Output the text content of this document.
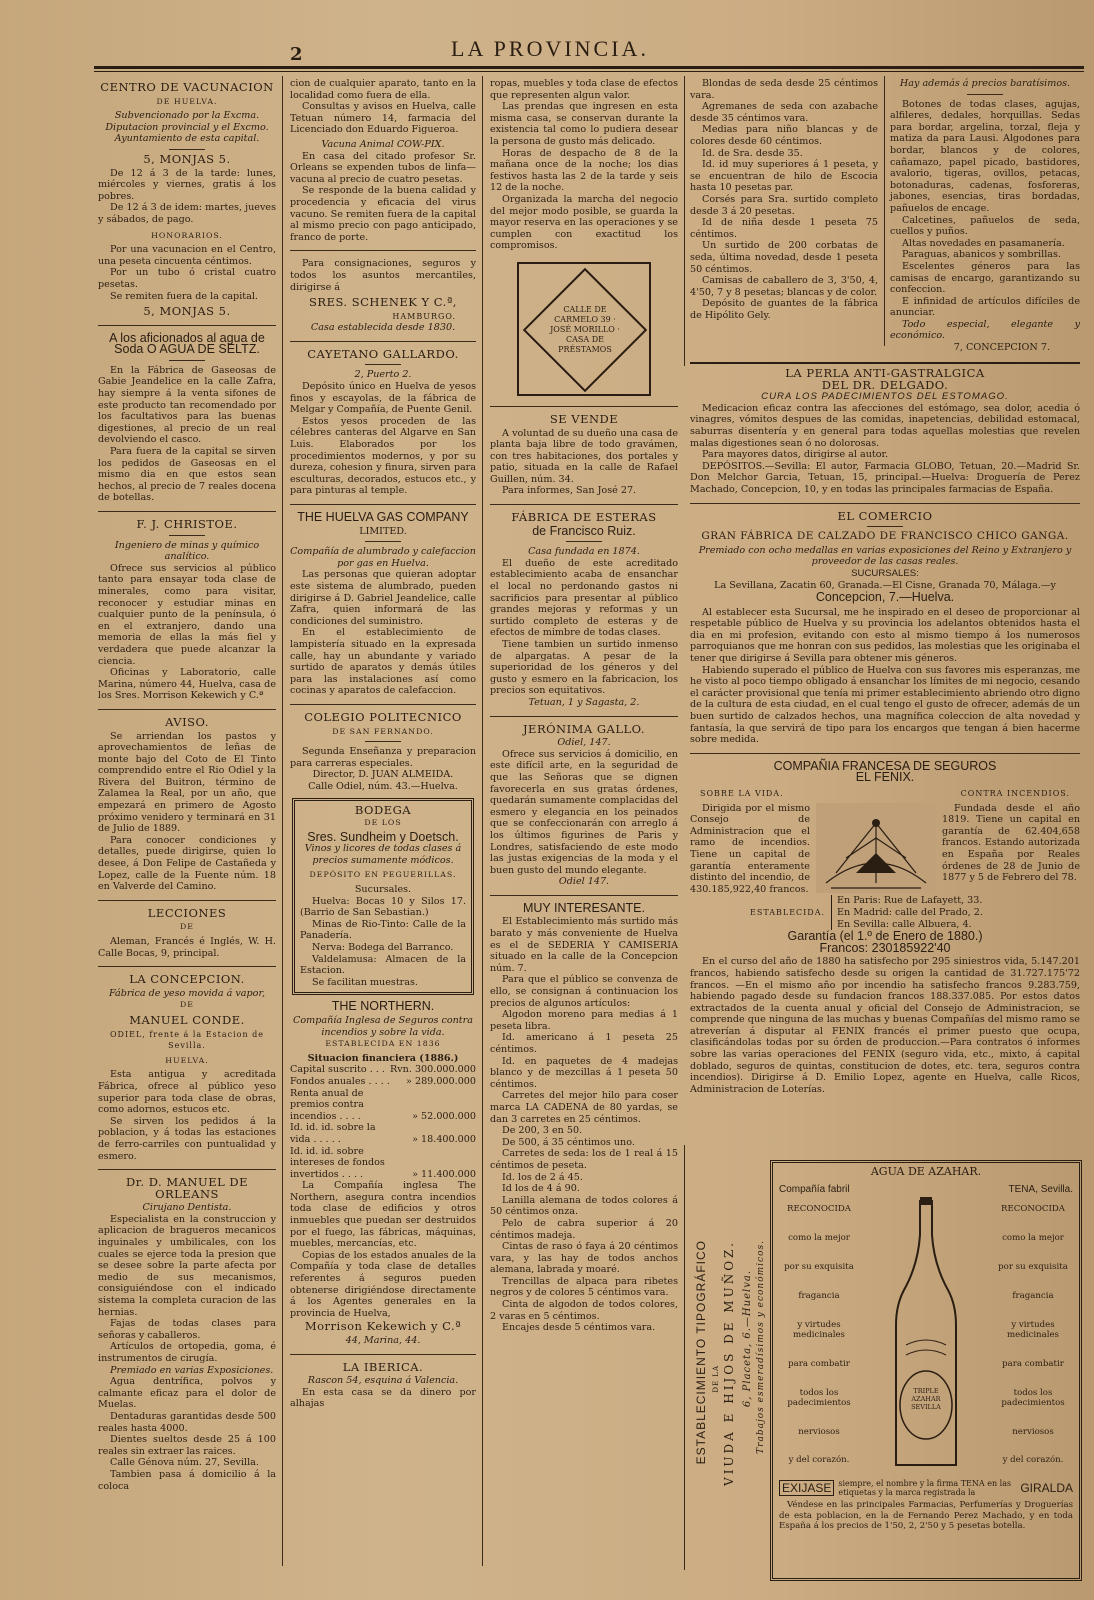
2	LA PROVINCIA.
CENTRO DE VACUNACION
DE HUELVA.
Subvencionado por la Excma. Diputacion provincial y el Excmo. Ayuntamiento de esta capital.
5, MONJAS 5.

De 12 á 3 de la tarde: lunes, miércoles y viernes, gratis á los pobres.

De 12 á 3 de idem: martes, jueves y sábados, de pago.

HONORARIOS.

Por una vacunacion en el Centro, una peseta cincuenta céntimos.

Por un tubo ó cristal cuatro pesetas.

Se remiten fuera de la capital.

5, MONJAS 5.
A los aficionados al agua de Soda O AGUA DE SELTZ.

En la Fábrica de Gaseosas de Gabie Jeandelice en la calle Zafra, hay siempre á la venta sifones de este producto tan recomendado por los facultativos para las buenas digestiones, al precio de un real devolviendo el casco.

Para fuera de la capital se sirven los pedidos de Gaseosas en el mismo dia en que estos sean hechos, al precio de 7 reales docena de botellas.

F. J. CHRISTOE.
Ingeniero de minas y químico analítico.

Ofrece sus servicios al público tanto para ensayar toda clase de minerales, como para visitar, reconocer y estudiar minas en cualquier punto de la península, ó en el extranjero, dando una memoria de ellas la más fiel y verdadera que puede alcanzar la ciencia.

Oficinas y Laboratorio, calle Marina, número 44, Huelva, casa de los Sres. Morrison Kekewich y C.ª

AVISO.

Se arriendan los pastos y aprovechamientos de leñas de monte bajo del Coto de El Tinto comprendido entre el Rio Odiel y la Rivera del Buitron, término de Zalamea la Real, por un año, que empezará en primero de Agosto próximo venidero y terminará en 31 de Julio de 1889.

Para conocer condiciones y detalles, puede dirigirse, quien lo desee, á Don Felipe de Castañeda y Lopez, calle de la Fuente núm. 18 en Valverde del Camino.

LECCIONES
DE

Aleman, Francés é Inglés, W. H. Calle Bocas, 9, principal.

LA CONCEPCION.
Fábrica de yeso movida á vapor,
DE
MANUEL CONDE.
ODIEL, frente á la Estacion de Sevilla.
HUELVA.

Esta antigua y acreditada Fábrica, ofrece al público yeso superior para toda clase de obras, como adornos, estucos etc.

Se sirven los pedidos á la poblacion, y á todas las estaciones de ferro-carriles con puntualidad y esmero.

Dr. D. MANUEL DE ORLEANS
Cirujano Dentista.

Especialista en la construccion y aplicacion de bragueros mecanicos inguinales y umbilicales, con los cuales se ejerce toda la presion que se desee sobre la parte afecta por medio de sus mecanismos, consiguiéndose con el indicado sistema la completa curacion de las hernias.

Fajas de todas clases para señoras y caballeros.

Artículos de ortopedia, goma, é instrumentos de cirugía.

Premiado en varias Exposiciones.

Agua dentrífica, polvos y calmante eficaz para el dolor de Muelas.

Dentaduras garantidas desde 500 reales hasta 4000.

Dientes sueltos desde 25 á 100 reales sin extraer las raices.

Calle Génova núm. 27, Sevilla.

Tambien pasa á domicilio á la coloca

cion de cualquier aparato, tanto en la localidad como fuera de ella.

Consultas y avisos en Huelva, calle Tetuan número 14, farmacia del Licenciado don Eduardo Figueroa.

Vacuna Animal COW-PIX.

En casa del citado profesor Sr. Orleans se expenden tubos de linfa—vacuna al precio de cuatro pesetas.

Se responde de la buena calidad y procedencia y eficacia del virus vacuno. Se remiten fuera de la capital al mismo precio con pago anticipado, franco de porte.

Para consignaciones, seguros y todos los asuntos mercantiles, dirigirse á

SRES. SCHENEK Y C.ª,
HAMBURGO.
Casa establecida desde 1830.
CAYETANO GALLARDO.
2, Puerto 2.

Depósito único en Huelva de yesos finos y escayolas, de la fábrica de Melgar y Compañía, de Puente Genil.

Estos yesos proceden de las célebres canteras del Algarve en San Luis. Elaborados por los procedimientos modernos, y por su dureza, cohesion y finura, sirven para esculturas, decorados, estucos etc., y para pinturas al temple.

THE HUELVA GAS COMPANY
LIMITED.
Compañía de alumbrado y calefaccion por gas en Huelva.

Las personas que quieran adoptar este sistema de alumbrado, pueden dirigirse á D. Gabriel Jeandelice, calle Zafra, quien informará de las condiciones del suministro.

En el establecimiento de lampistería situado en la expresada calle, hay un abundante y variado surtido de aparatos y demás útiles para las instalaciones así como cocinas y aparatos de calefaccion.

COLEGIO POLITECNICO
DE SAN FERNANDO.

Segunda Enseñanza y preparacion para carreras especiales.

Director, D. JUAN ALMEIDA.
Calle Odiel, núm. 43.—Huelva.
BODEGA
DE LOS
Sres. Sundheim y Doetsch.
Vinos y licores de todas clases á precios sumamente módicos.
DEPÓSITO EN PEGUERILLAS.
Sucursales.

Huelva: Bocas 10 y Silos 17. (Barrio de San Sebastian.)

Minas de Rio-Tinto: Calle de la Panadería.

Nerva: Bodega del Barranco.

Valdelamusa: Almacen de la Estacion.

Se facilitan muestras.

THE NORTHERN.
Compañía Inglesa de Seguros contra incendios y sobre la vida.
ESTABLECIDA EN 1836
Situacion financiera (1886.)
Capital suscrito . . . Rvn. 300.000.000
Fondos anuales . . . . » 289.000.000
Renta anual de premios contra incendios . . . .	» 52.000.000
Id. id. id. sobre la vida . . . . .	» 18.400.000
Id. id. id. sobre intereses de fondos invertidos . . . .	» 11.400.000

La Compañía inglesa The Northern, asegura contra incendios toda clase de edificios y otros inmuebles que puedan ser destruidos por el fuego, las fábricas, máquinas, muebles, mercancías, etc.

Copias de los estados anuales de la Compañía y toda clase de detalles referentes á seguros pueden obtenerse dirigiéndose directamente á los Agentes generales en la provincia de Huelva,

Morrison Kekewich y C.ª
44, Marina, 44.
LA IBERICA.
Rascon 54, esquina á Valencia.

En esta casa se da dinero por alhajas

ropas, muebles y toda clase de efectos que representen algun valor.

Las prendas que ingresen en esta misma casa, se conservan durante la existencia tal como lo pudiera desear la persona de gusto más delicado.

Horas de despacho de 8 de la mañana once de la noche; los dias festivos hasta las 2 de la tarde y seis 12 de la noche.

Organizada la marcha del negocio del mejor modo posible, se guarda la mayor reserva en las operaciones y se cumplen con exactitud los compromisos.

CALLE DE CARMELO 39 · JOSÉ MORILLO · CASA DE PRÉSTAMOS
SE VENDE

A voluntad de su dueño una casa de planta baja libre de todo gravámen, con tres habitaciones, dos portales y patio, situada en la calle de Rafael Guillen, núm. 34.

Para informes, San José 27.

FÁBRICA DE ESTERAS
de Francisco Ruiz.
Casa fundada en 1874.

El dueño de este acreditado establecimiento acaba de ensanchar el local no perdonando gastos ni sacrificios para presentar al público grandes mejoras y reformas y un surtido completo de esteras y de efectos de mimbre de todas clases.

Tiene tambien un surtido inmenso de alpargatas. A pesar de la superioridad de los géneros y del gusto y esmero en la fabricacion, los precios son equitativos.

Tetuan, 1 y Sagasta, 2.
JERÓNIMA GALLO.
Odiel, 147.

Ofrece sus servicios á domicilio, en este difícil arte, en la seguridad de que las Señoras que se dignen favorecerla en sus gratas órdenes, quedarán sumamente complacidas del esmero y elegancia en los peinados que se confeccionarán con arreglo á los últimos figurines de Paris y Londres, satisfaciendo de este modo las justas exigencias de la moda y el buen gusto del mundo elegante.

Odiel 147.
MUY INTERESANTE.

El Establecimiento más surtido más barato y más conveniente de Huelva es el de SEDERIA Y CAMISERIA situado en la calle de la Concepcion núm. 7.

Para que el público se convenza de ello, se consignan á continuacion los precios de algunos artículos:

Algodon moreno para medias á 1 peseta libra.

Id. americano á 1 peseta 25 céntimos.

Id. en paquetes de 4 madejas blanco y de mezcillas á 1 peseta 50 céntimos.

Carretes del mejor hilo para coser marca LA CADENA de 80 yardas, se dan 3 carretes en 25 céntimos.

De 200, 3 en 50.

De 500, á 35 céntimos uno.

Carretes de seda: los de 1 real á 15 céntimos de peseta.

Id. los de 2 á 45.

Id los de 4 á 90.

Lanilla alemana de todos colores á 50 céntimos onza.

Pelo de cabra superior á 20 céntimos madeja.

Cintas de raso ó faya á 20 céntimos vara, y las hay de todos anchos alemana, labrada y moaré.

Trencillas de alpaca para ribetes negros y de colores 5 céntimos vara.

Cinta de algodon de todos colores, 2 varas en 5 céntimos.

Encajes desde 5 céntimos vara.

Blondas de seda desde 25 céntimos vara.

Agremanes de seda con azabache desde 35 céntimos vara.

Medias para niño blancas y de colores desde 60 céntimos.

Id. de Sra. desde 35.

Id. id muy superiores á 1 peseta, y se encuentran de hilo de Escocia hasta 10 pesetas par.

Corsés para Sra. surtido completo desde 3 á 20 pesetas.

Id de niña desde 1 peseta 75 céntimos.

Un surtido de 200 corbatas de seda, última novedad, desde 1 peseta 50 céntimos.

Camisas de caballero de 3, 3'50, 4, 4'50, 7 y 8 pesetas; blancas y de color.

Depósito de guantes de la fábrica de Hipólito Gely.

Hay además á precios baratísimos.

Botones de todas clases, agujas, alfileres, dedales, horquillas. Sedas para bordar, argelina, torzal, fleja y matiza da para Lausi. Algodones para bordar, blancos y de colores, cañamazo, papel picado, bastidores, avalorio, tigeras, ovillos, petacas, botonaduras, cadenas, fosforeras, jabones, esencias, tiras bordadas, pañuelos de encage.

Calcetines, pañuelos de seda, cuellos y puños.

Altas novedades en pasamanería.

Paraguas, abanicos y sombrillas.

Escelentes géneros para las camisas de encargo, garantizando su confeccion.

E infinidad de artículos difíciles de anunciar.

Todo especial, elegante y económico.

7, CONCEPCION 7.
LA PERLA ANTI-GASTRALGICA
DEL DR. DELGADO.
CURA LOS PADECIMIENTOS DEL ESTOMAGO.

Medicacion eficaz contra las afecciones del estómago, sea dolor, acedia ó vinagres, vómitos despues de las comidas, inapetencias, debilidad estomacal, saburras disentería y en general para todas aquellas molestias que revelen malas digestiones sean ó no dolorosas.

Para mayores datos, dirigirse al autor.

DEPÓSITOS.—Sevilla: El autor, Farmacia GLOBO, Tetuan, 20.—Madrid Sr. Don Melchor Garcia, Tetuan, 15, principal.—Huelva: Droguería de Perez Machado, Concepcion, 10, y en todas las principales farmacias de España.

EL COMERCIO
GRAN FÁBRICA DE CALZADO DE FRANCISCO CHICO GANGA.
Premiado con ocho medallas en varias exposiciones del Reino y Extranjero y proveedor de las casas reales.
SUCURSALES:
La Sevillana, Zacatin 60, Granada.—El Cisne, Granada 70, Málaga.—y
Concepcion, 7.—Huelva.

Al establecer esta Sucursal, me he inspirado en el deseo de proporcionar al respetable público de Huelva y su provincia los adelantos obtenidos hasta el dia en mi profesion, evitando con esto al mismo tiempo á los numerosos parroquianos que me honran con sus pedidos, las molestias que les originaba el tener que dirigirse á Sevilla para obtener mis géneros.

Habiendo superado el público de Huelva con sus favores mis esperanzas, me he visto al poco tiempo obligado á ensanchar los límites de mi negocio, cesando el carácter provisional que tenía mi primer establecimiento abriendo otro digno de la cultura de esta ciudad, en el cual tengo el gusto de ofrecer, además de un buen surtido de calzados hechos, una magnífica coleccion de alta novedad y fantasía, la que servirá de tipo para los encargos que tengan á bien hacerme sobre medida.

COMPAÑIA FRANCESA DE SEGUROS
EL FENIX.
SOBRE LA VIDA.	CONTRA INCENDIOS.

Dirigida por el mismo Consejo de Administracion que el ramo de incendios. Tiene un capital de garantía enteramente distinto del incendio, de 430.185,922,40 francos.

Fundada desde el año 1819. Tiene un capital en garantía de 62.404,658 francos. Estando autorizada en España por Reales órdenes de 28 de Junio de 1877 y 5 de Febrero del 78.

ESTABLECIDA.
En Paris: Rue de Lafayett, 33.
En Madrid: calle del Prado, 2.
En Sevilla: calle Albuera, 4.
Garantía (el 1.º de Enero de 1880.)
Francos: 230185922'40

En el curso del año de 1880 ha satisfecho por 295 siniestros vida, 5.147.201 francos, habiendo satisfecho desde su origen la cantidad de 31.727.175'72 francos. —En el mismo año por incendio ha satisfecho francos 9.283.759, habiendo pagado desde su fundacion francos 188.337.085. Por estos datos extractados de la cuenta anual y oficial del Consejo de Administracion, se comprende que ninguna de las muchas y buenas Compañías del mismo ramo se atreverían á disputar al FENIX francés el primer puesto que ocupa, clasificándolas todas por su órden de produccion.—Para contratos ó informes sobre las varias operaciones del FENIX (seguro vida, etc., mixto, á capital doblado, seguros de quintas, constitucion de dotes, etc. tera, seguros contra incendios). Dirigirse á D. Emilio Lopez, agente en Huelva, calle Ricos, Administracion de Loterías.

ESTABLECIMIENTO TIPOGRÁFICO DE LA VIUDA E HIJOS DE MUÑOZ. 6, Placeta, 6.—Huelva. Trabajos esmeradísimos y económicos.
AGUA DE AZAHAR.
Compañía fabril	TENA, Sevilla.
RECONOCIDA
como la mejor
por su exquisita
fragancia
y virtudes medicinales
para combatir
todos los padecimientos
nerviosos
y del corazón.
TRIPLE AZAHAR SEVILLA
RECONOCIDA
como la mejor
por su exquisita
fragancia
y virtudes medicinales
para combatir
todos los padecimientos
nerviosos
y del corazón.
EXIJASE siempre, el nombre y la firma TENA en las etiquetas y la marca registrada la	GIRALDA

Véndese en las principales Farmacias, Perfumerías y Droguerías de esta poblacion, en la de Fernando Perez Machado, y en toda España á los precios de 1'50, 2, 2'50 y 5 pesetas botella.
